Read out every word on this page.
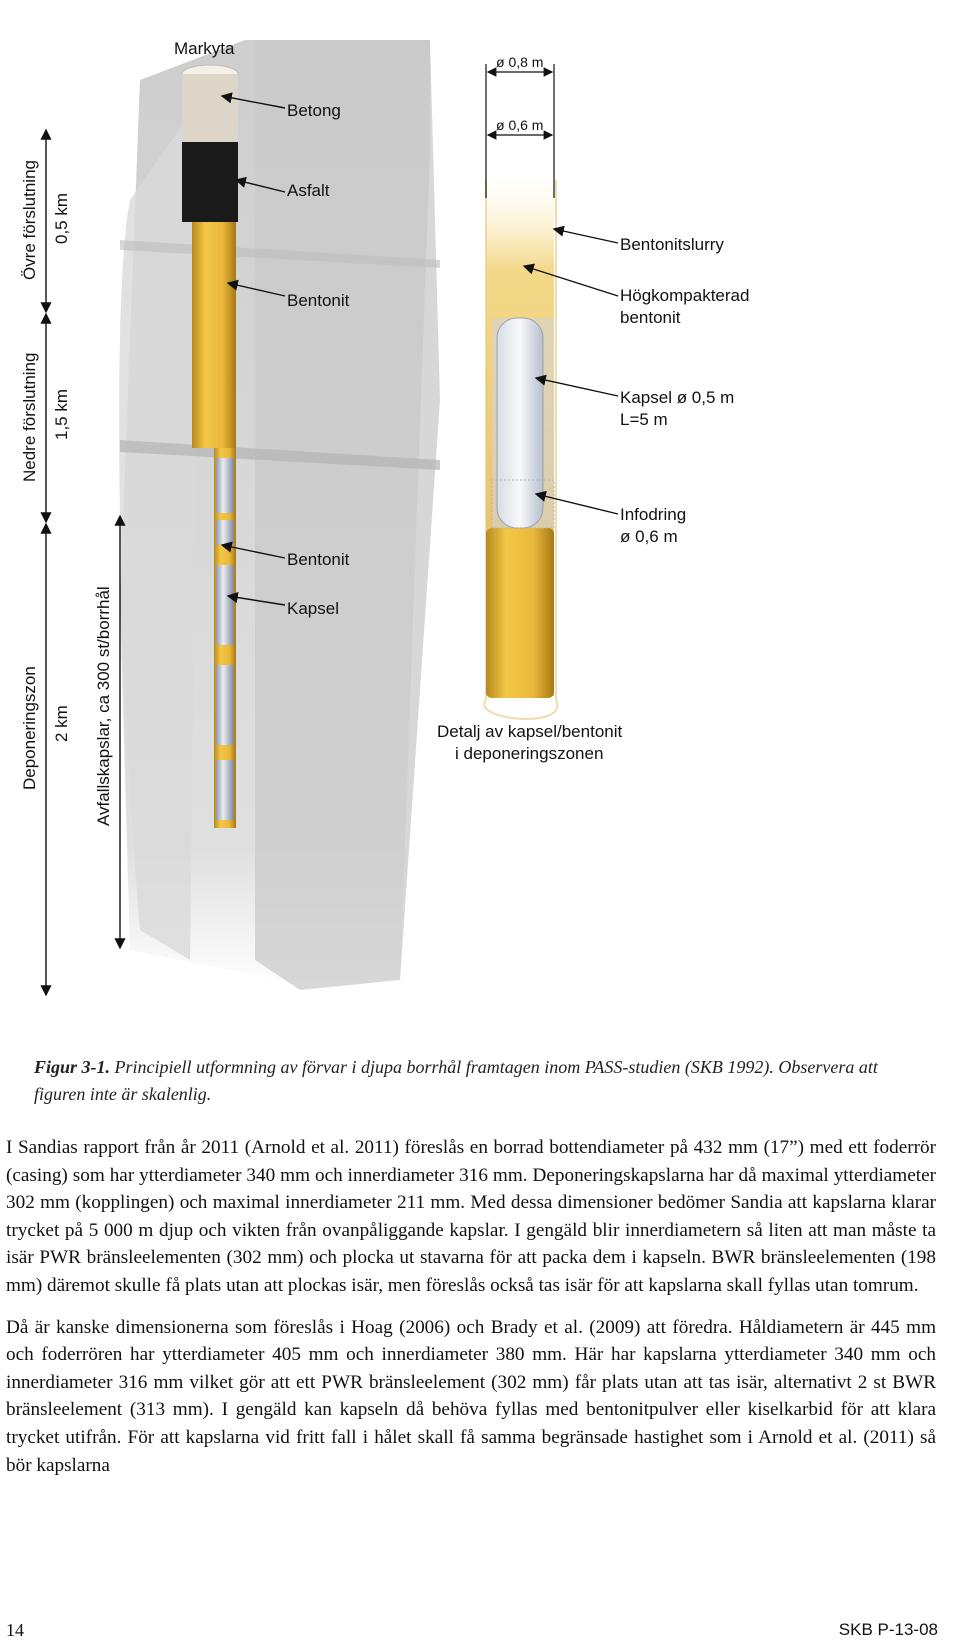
Markyta
Betong
Asfalt
Bentonit
Bentonit
Kapsel
ø 0,8 m
ø 0,6 m
Bentonitslurry
Högkompakterad
bentonit
Kapsel ø 0,5 m
L=5 m
Infodring
ø 0,6 m
Detalj av kapsel/bentonit
i deponeringszonen
Övre förslutning 0,5 km
Nedre förslutning 1,5 km
Deponeringszon 2 km Avfallskapslar, ca 300 st/borrhål
Figur 3-1. Principiell utformning av förvar i djupa borrhål framtagen inom PASS-studien (SKB 1992). Observera att figuren inte är skalenlig.

I Sandias rapport från år 2011 (Arnold et al. 2011) föreslås en borrad bottendiameter på 432 mm (17”) med ett foderrör (casing) som har ytterdiameter 340 mm och innerdiameter 316 mm. Deponeringskapslarna har då maximal ytterdiameter 302 mm (kopplingen) och maximal innerdiameter 211 mm. Med dessa dimensioner bedömer Sandia att kapslarna klarar trycket på 5 000 m djup och vikten från ovanpåliggande kapslar. I gengäld blir innerdiametern så liten att man måste ta isär PWR bränsleelementen (302 mm) och plocka ut stavarna för att packa dem i kapseln. BWR bränsleelementen (198 mm) däremot skulle få plats utan att plockas isär, men föreslås också tas isär för att kapslarna skall fyllas utan tomrum.

Då är kanske dimensionerna som föreslås i Hoag (2006) och Brady et al. (2009) att föredra. Håldiametern är 445 mm och foderrören har ytterdiameter 405 mm och innerdiameter 380 mm. Här har kapslarna ytterdiameter 340 mm och innerdiameter 316 mm vilket gör att ett PWR bränsleelement (302 mm) får plats utan att tas isär, alternativt 2 st BWR bränsleelement (313 mm). I gengäld kan kapseln då behöva fyllas med bentonitpulver eller kiselkarbid för att klara trycket utifrån. För att kapslarna vid fritt fall i hålet skall få samma begränsade hastighet som i Arnold et al. (2011) så bör kapslarna

14	SKB P-13-08
